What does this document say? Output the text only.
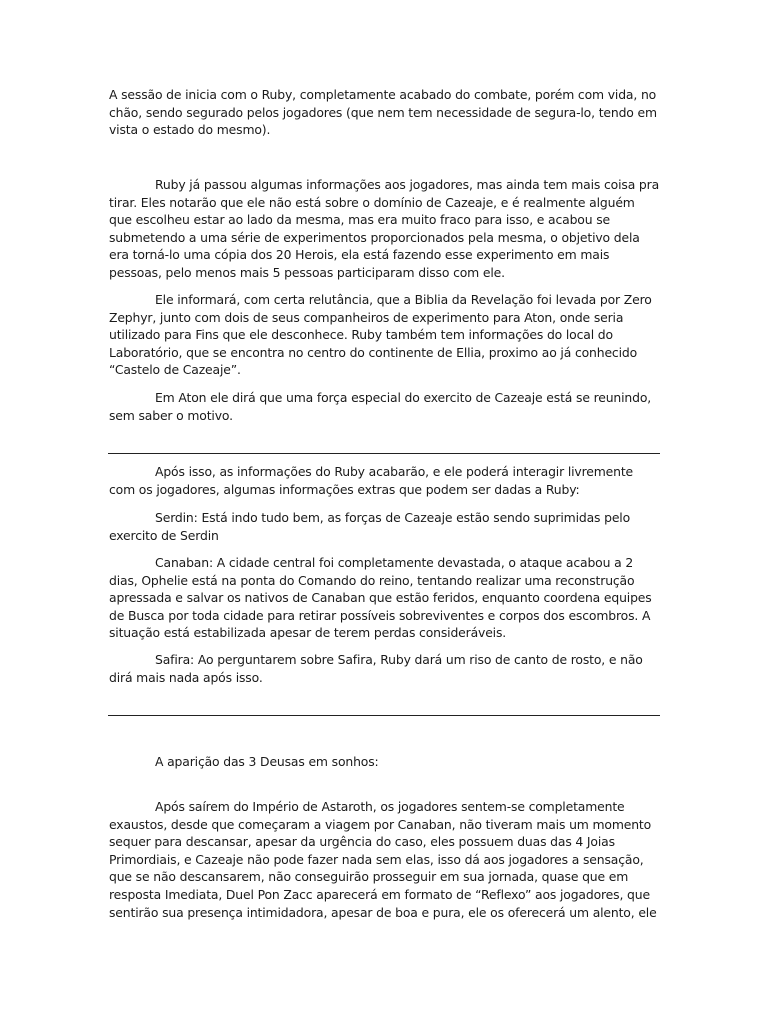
A sessão de inicia com o Ruby, completamente acabado do combate, porém com vida, no chão, sendo segurado pelos jogadores (que nem tem necessidade de segura-lo, tendo em vista o estado do mesmo).

Ruby já passou algumas informações aos jogadores, mas ainda tem mais coisa pra tirar. Eles notarão que ele não está sobre o domínio de Cazeaje, e é realmente alguém que escolheu estar ao lado da mesma, mas era muito fraco para isso, e acabou se submetendo a uma série de experimentos proporcionados pela mesma, o objetivo dela era torná-lo uma cópia dos 20 Herois, ela está fazendo esse experimento em mais pessoas, pelo menos mais 5 pessoas participaram disso com ele.

Ele informará, com certa relutância, que a Biblia da Revelação foi levada por Zero Zephyr, junto com dois de seus companheiros de experimento para Aton, onde seria utilizado para Fins que ele desconhece. Ruby também tem informações do local do Laboratório, que se encontra no centro do continente de Ellia, proximo ao já conhecido “Castelo de Cazeaje”.

Em Aton ele dirá que uma força especial do exercito de Cazeaje está se reunindo, sem saber o motivo.

Após isso, as informações do Ruby acabarão, e ele poderá interagir livremente com os jogadores, algumas informações extras que podem ser dadas a Ruby:

Serdin: Está indo tudo bem, as forças de Cazeaje estão sendo suprimidas pelo exercito de Serdin

Canaban: A cidade central foi completamente devastada, o ataque acabou a 2 dias, Ophelie está na ponta do Comando do reino, tentando realizar uma reconstrução apressada e salvar os nativos de Canaban que estão feridos, enquanto coordena equipes de Busca por toda cidade para retirar possíveis sobreviventes e corpos dos escombros. A situação está estabilizada apesar de terem perdas consideráveis.

Safira: Ao perguntarem sobre Safira, Ruby dará um riso de canto de rosto, e não dirá mais nada após isso.

A aparição das 3 Deusas em sonhos:

Após saírem do Império de Astaroth, os jogadores sentem-se completamente exaustos, desde que começaram a viagem por Canaban, não tiveram mais um momento sequer para descansar, apesar da urgência do caso, eles possuem duas das 4 Joias Primordiais, e Cazeaje não pode fazer nada sem elas, isso dá aos jogadores a sensação, que se não descansarem, não conseguirão prosseguir em sua jornada, quase que em resposta Imediata, Duel Pon Zacc aparecerá em formato de “Reflexo” aos jogadores, que sentirão sua presença intimidadora, apesar de boa e pura, ele os oferecerá um alento, ele
